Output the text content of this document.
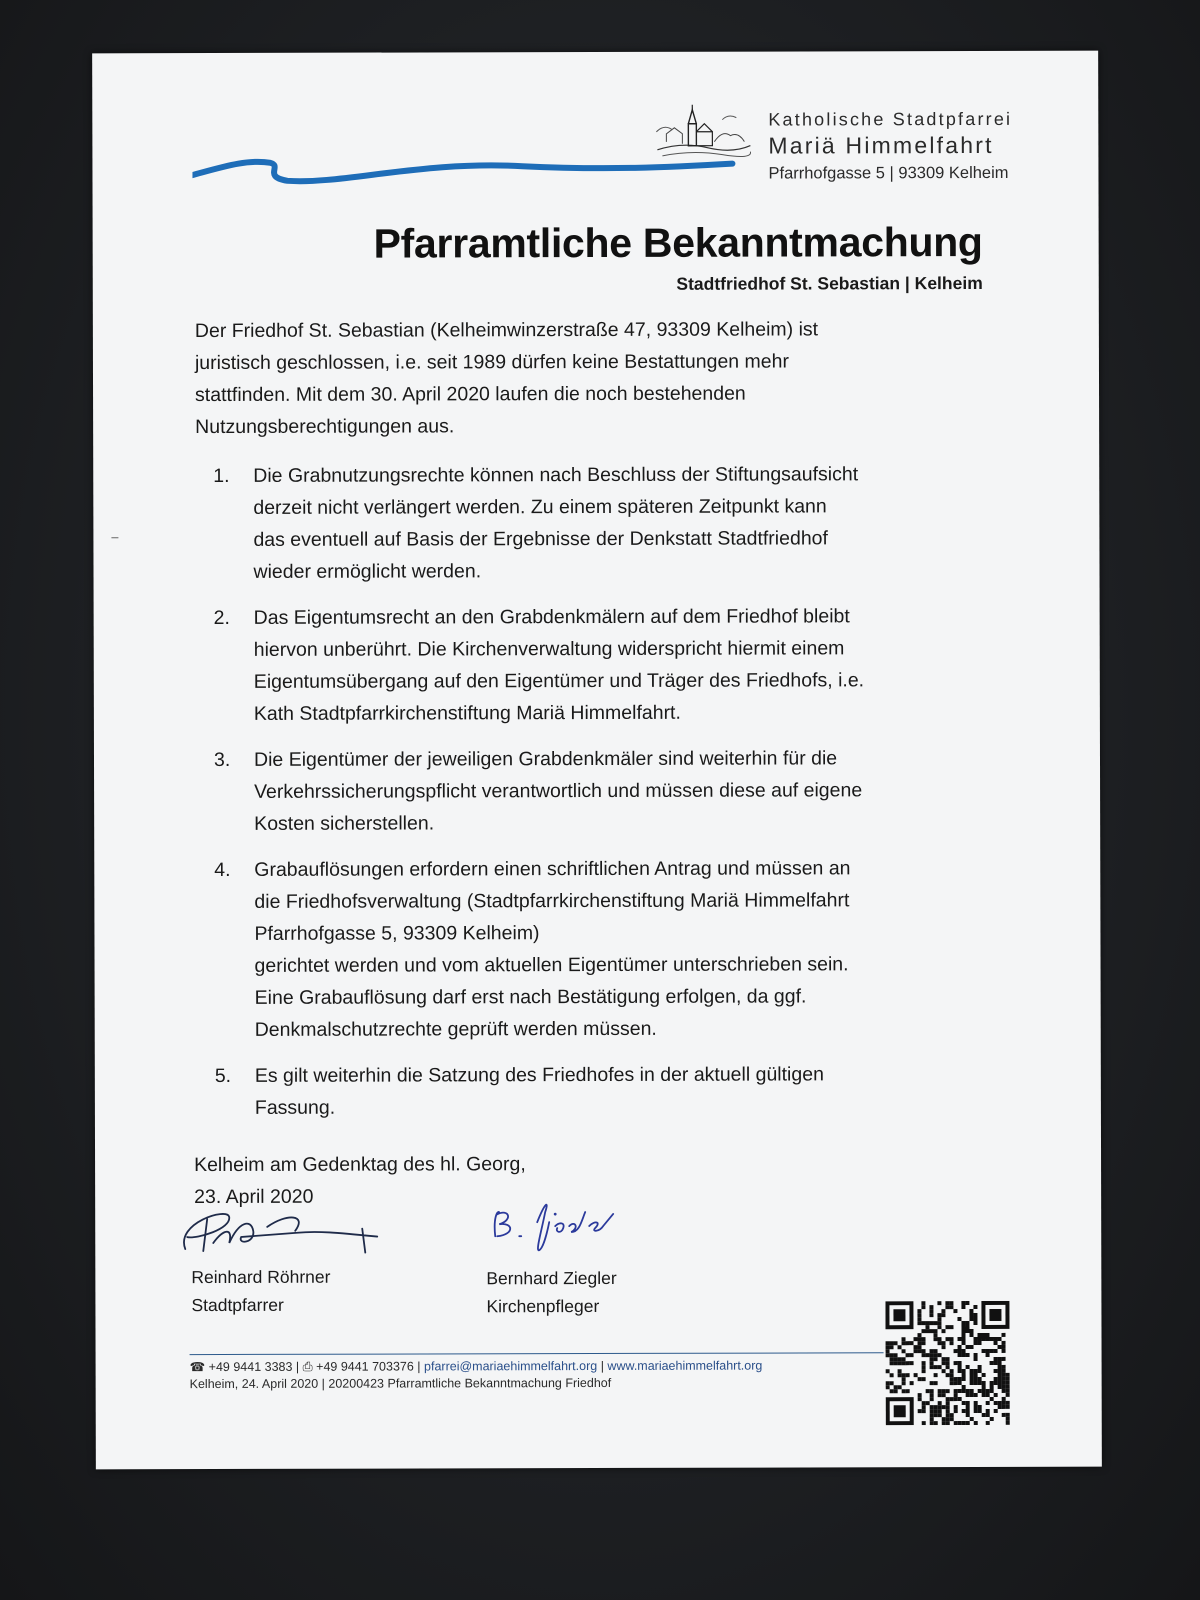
Katholische Stadtpfarrei
Mariä Himmelfahrt
Pfarrhofgasse 5 | 93309 Kelheim
Pfarramtliche Bekanntmachung
Stadtfriedhof St. Sebastian | Kelheim
Der Friedhof St. Sebastian (Kelheimwinzerstraße 47, 93309 Kelheim) ist
juristisch geschlossen, i.e. seit 1989 dürfen keine Bestattungen mehr
stattfinden. Mit dem 30. April 2020 laufen die noch bestehenden
Nutzungsberechtigungen aus.
1.	Die Grabnutzungsrechte können nach Beschluss der Stiftungsaufsicht
derzeit nicht verlängert werden. Zu einem späteren Zeitpunkt kann
das eventuell auf Basis der Ergebnisse der Denkstatt Stadtfriedhof
wieder ermöglicht werden.
2.	Das Eigentumsrecht an den Grabdenkmälern auf dem Friedhof bleibt
hiervon unberührt. Die Kirchenverwaltung widerspricht hiermit einem
Eigentumsübergang auf den Eigentümer und Träger des Friedhofs, i.e.
Kath Stadtpfarrkirchenstiftung Mariä Himmelfahrt.
3.	Die Eigentümer der jeweiligen Grabdenkmäler sind weiterhin für die
Verkehrssicherungspflicht verantwortlich und müssen diese auf eigene
Kosten sicherstellen.
4.	Grabauflösungen erfordern einen schriftlichen Antrag und müssen an
die Friedhofsverwaltung (Stadtpfarrkirchenstiftung Mariä Himmelfahrt
Pfarrhofgasse 5, 93309 Kelheim)
gerichtet werden und vom aktuellen Eigentümer unterschrieben sein.
Eine Grabauflösung darf erst nach Bestätigung erfolgen, da ggf.
Denkmalschutzrechte geprüft werden müssen.
5.	Es gilt weiterhin die Satzung des Friedhofes in der aktuell gültigen
Fassung.
Kelheim am Gedenktag des hl. Georg,
23. April 2020
Reinhard Röhrner
Stadtpfarrer
Bernhard Ziegler
Kirchenpfleger
☎ +49 9441 3383 | ⎙ +49 9441 703376 | pfarrei@mariaehimmelfahrt.org | www.mariaehimmelfahrt.org
Kelheim, 24. April 2020 | 20200423 Pfarramtliche Bekanntmachung Friedhof
